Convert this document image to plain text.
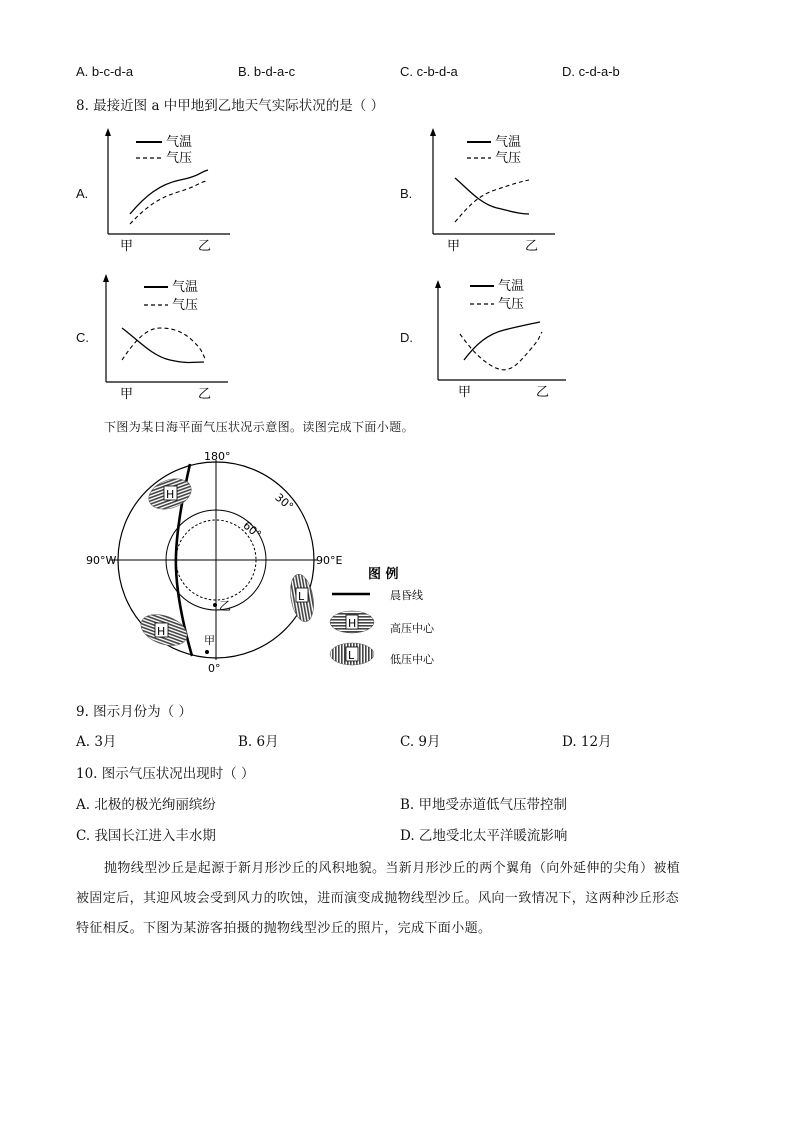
A. b-c-d-a	B. b-d-a-c	C. c-b-d-a	D. c-d-a-b
8. 最接近图 a 中甲地到乙地天气实际状况的是（ ）
A.
气温
气压
甲	乙
B.
气温
气压
甲	乙
C.
气温
气压
甲	乙
D.
气温
气压
甲	乙
下图为某日海平面气压状况示意图。读图完成下面小题。
H
H
L
乙
甲
180°
90°W	90°E
0°
30°
60°
图 例
晨昏线
H	高压中心
L	低压中心
9. 图示月份为（ ）
A. 3月	B. 6月	C. 9月	D. 12月
10. 图示气压状况出现时（ ）
A. 北极的极光绚丽缤纷	B. 甲地受赤道低气压带控制
C. 我国长江进入丰水期	D. 乙地受北太平洋暖流影响
抛物线型沙丘是起源于新月形沙丘的风积地貌。当新月形沙丘的两个翼角（向外延伸的尖角）被植
被固定后，其迎风坡会受到风力的吹蚀，进而演变成抛物线型沙丘。风向一致情况下，这两种沙丘形态
特征相反。下图为某游客拍摄的抛物线型沙丘的照片，完成下面小题。
